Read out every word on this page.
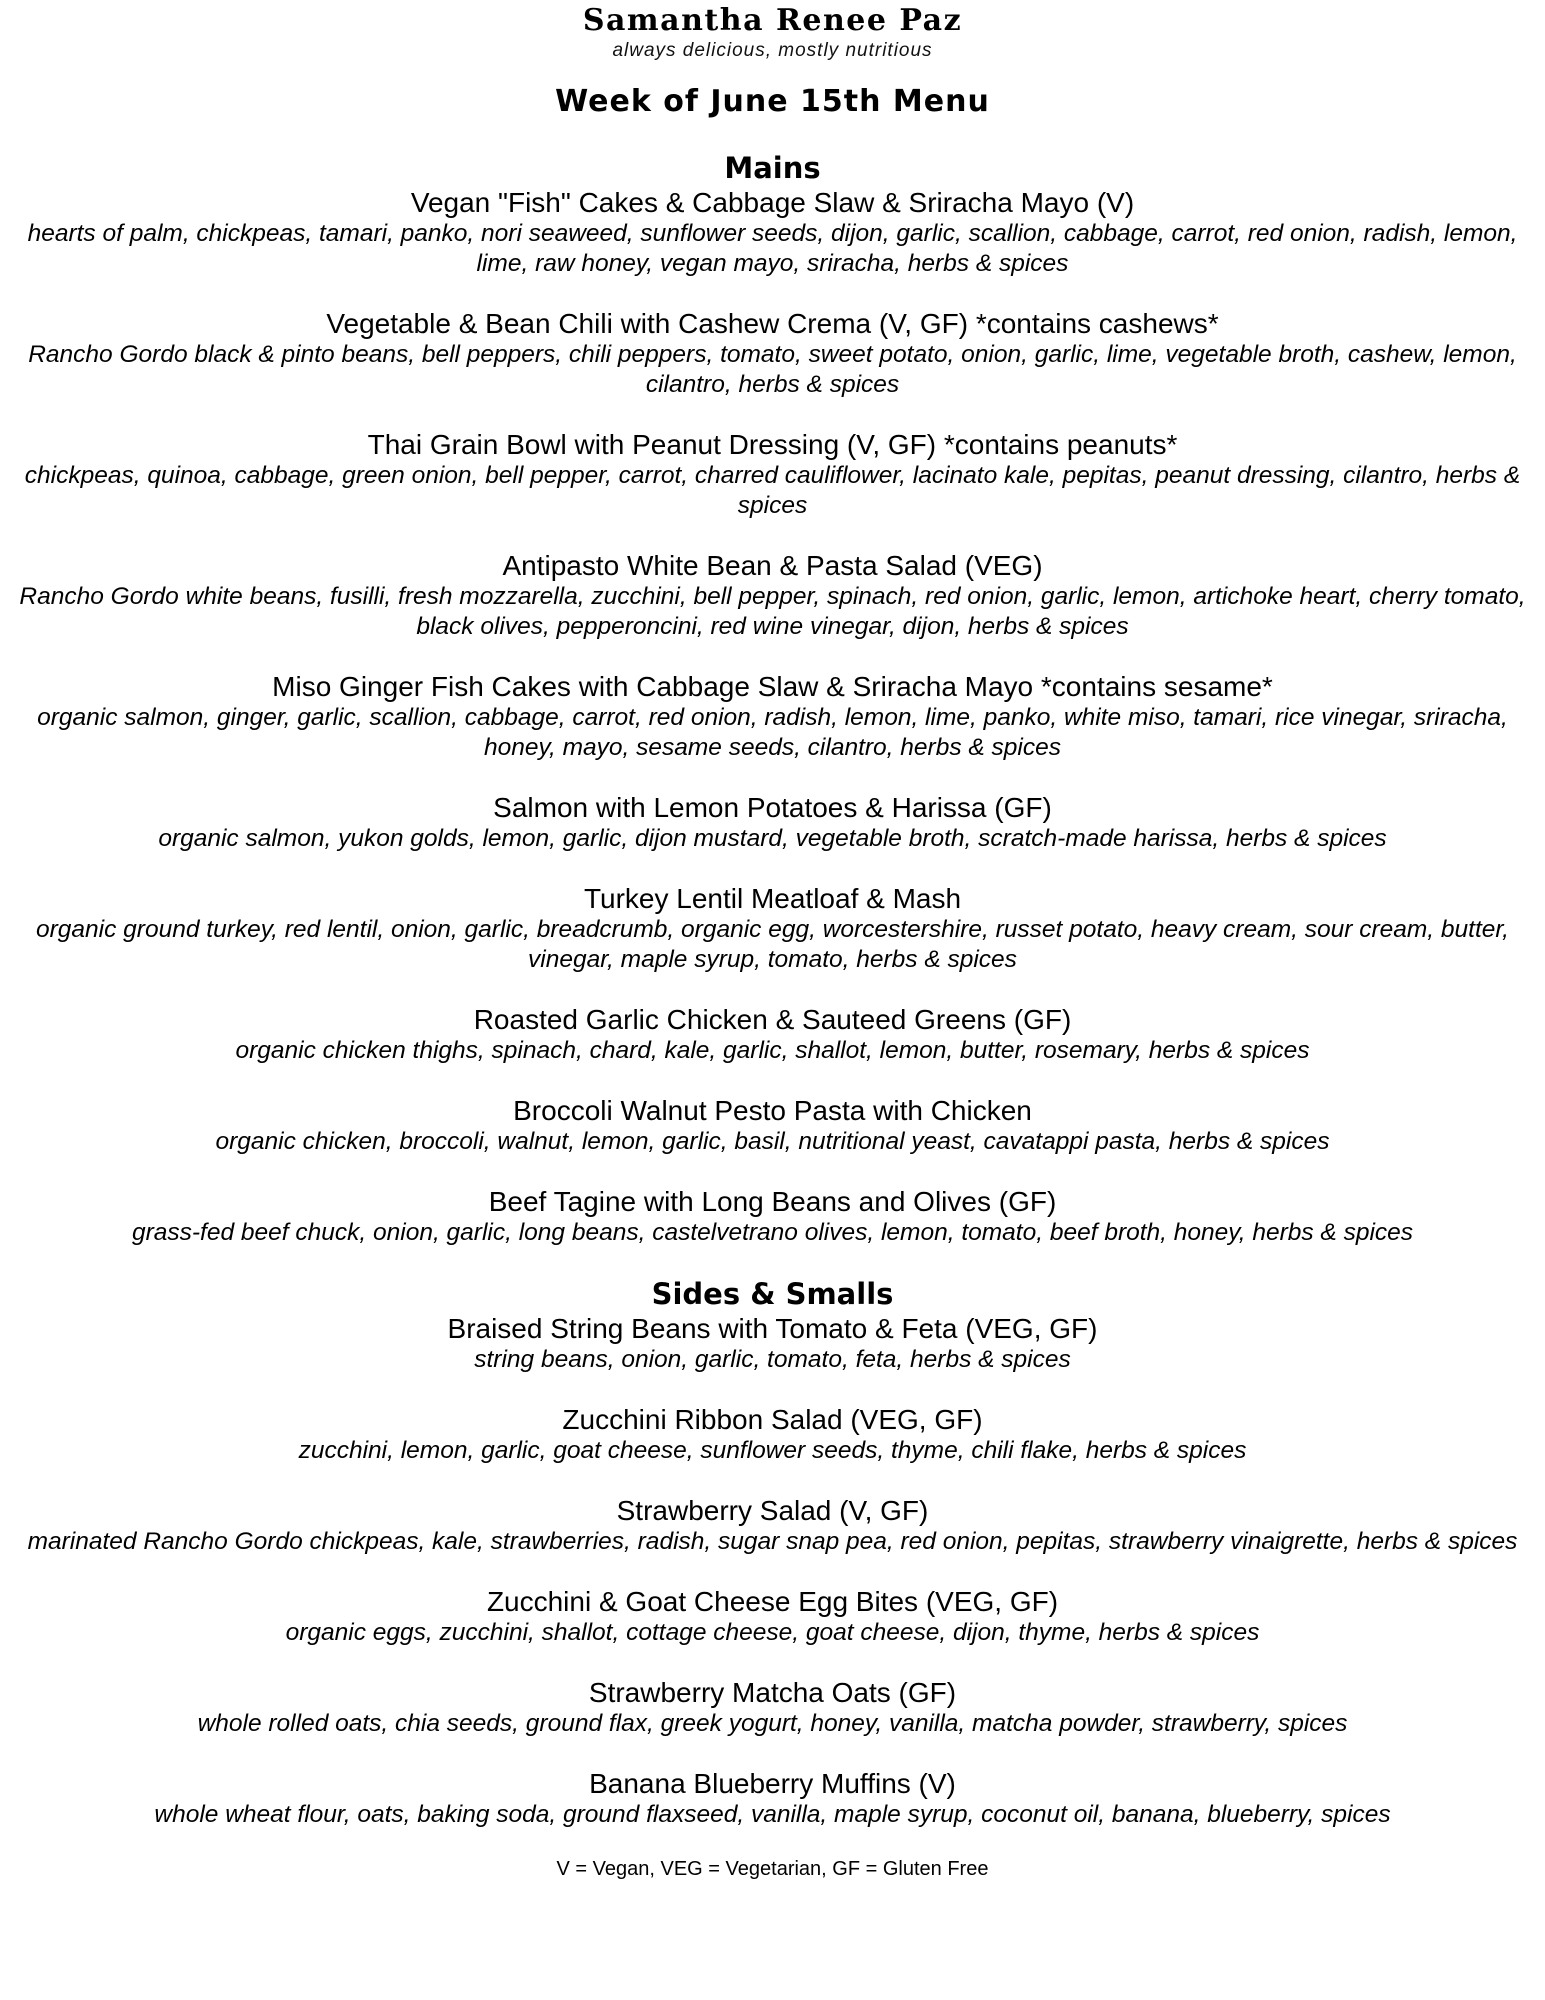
Samantha Renee Paz
always delicious, mostly nutritious
Week of June 15th Menu
Mains
Vegan "Fish" Cakes & Cabbage Slaw & Sriracha Mayo (V)
hearts of palm, chickpeas, tamari, panko, nori seaweed, sunflower seeds, dijon, garlic, scallion, cabbage, carrot, red onion, radish, lemon, lime, raw honey, vegan mayo, sriracha, herbs & spices
Vegetable & Bean Chili with Cashew Crema (V, GF) *contains cashews*
Rancho Gordo black & pinto beans, bell peppers, chili peppers, tomato, sweet potato, onion, garlic, lime, vegetable broth, cashew, lemon, cilantro, herbs & spices
Thai Grain Bowl with Peanut Dressing (V, GF) *contains peanuts*
chickpeas, quinoa, cabbage, green onion, bell pepper, carrot, charred cauliflower, lacinato kale, pepitas, peanut dressing, cilantro, herbs & spices
Antipasto White Bean & Pasta Salad (VEG)
Rancho Gordo white beans, fusilli, fresh mozzarella, zucchini, bell pepper, spinach, red onion, garlic, lemon, artichoke heart, cherry tomato, black olives, pepperoncini, red wine vinegar, dijon, herbs & spices
Miso Ginger Fish Cakes with Cabbage Slaw & Sriracha Mayo *contains sesame*
organic salmon, ginger, garlic, scallion, cabbage, carrot, red onion, radish, lemon, lime, panko, white miso, tamari, rice vinegar, sriracha, honey, mayo, sesame seeds, cilantro, herbs & spices
Salmon with Lemon Potatoes & Harissa (GF)
organic salmon, yukon golds, lemon, garlic, dijon mustard, vegetable broth, scratch-made harissa, herbs & spices
Turkey Lentil Meatloaf & Mash
organic ground turkey, red lentil, onion, garlic, breadcrumb, organic egg, worcestershire, russet potato, heavy cream, sour cream, butter, vinegar, maple syrup, tomato, herbs & spices
Roasted Garlic Chicken & Sauteed Greens (GF)
organic chicken thighs, spinach, chard, kale, garlic, shallot, lemon, butter, rosemary, herbs & spices
Broccoli Walnut Pesto Pasta with Chicken
organic chicken, broccoli, walnut, lemon, garlic, basil, nutritional yeast, cavatappi pasta, herbs & spices
Beef Tagine with Long Beans and Olives (GF)
grass-fed beef chuck, onion, garlic, long beans, castelvetrano olives, lemon, tomato, beef broth, honey, herbs & spices
Sides & Smalls
Braised String Beans with Tomato & Feta (VEG, GF)
string beans, onion, garlic, tomato, feta, herbs & spices
Zucchini Ribbon Salad (VEG, GF)
zucchini, lemon, garlic, goat cheese, sunflower seeds, thyme, chili flake, herbs & spices
Strawberry Salad (V, GF)
marinated Rancho Gordo chickpeas, kale, strawberries, radish, sugar snap pea, red onion, pepitas, strawberry vinaigrette, herbs & spices
Zucchini & Goat Cheese Egg Bites (VEG, GF)
organic eggs, zucchini, shallot, cottage cheese, goat cheese, dijon, thyme, herbs & spices
Strawberry Matcha Oats (GF)
whole rolled oats, chia seeds, ground flax, greek yogurt, honey, vanilla, matcha powder, strawberry, spices
Banana Blueberry Muffins (V)
whole wheat flour, oats, baking soda, ground flaxseed, vanilla, maple syrup, coconut oil, banana, blueberry, spices
V = Vegan, VEG = Vegetarian, GF = Gluten Free
